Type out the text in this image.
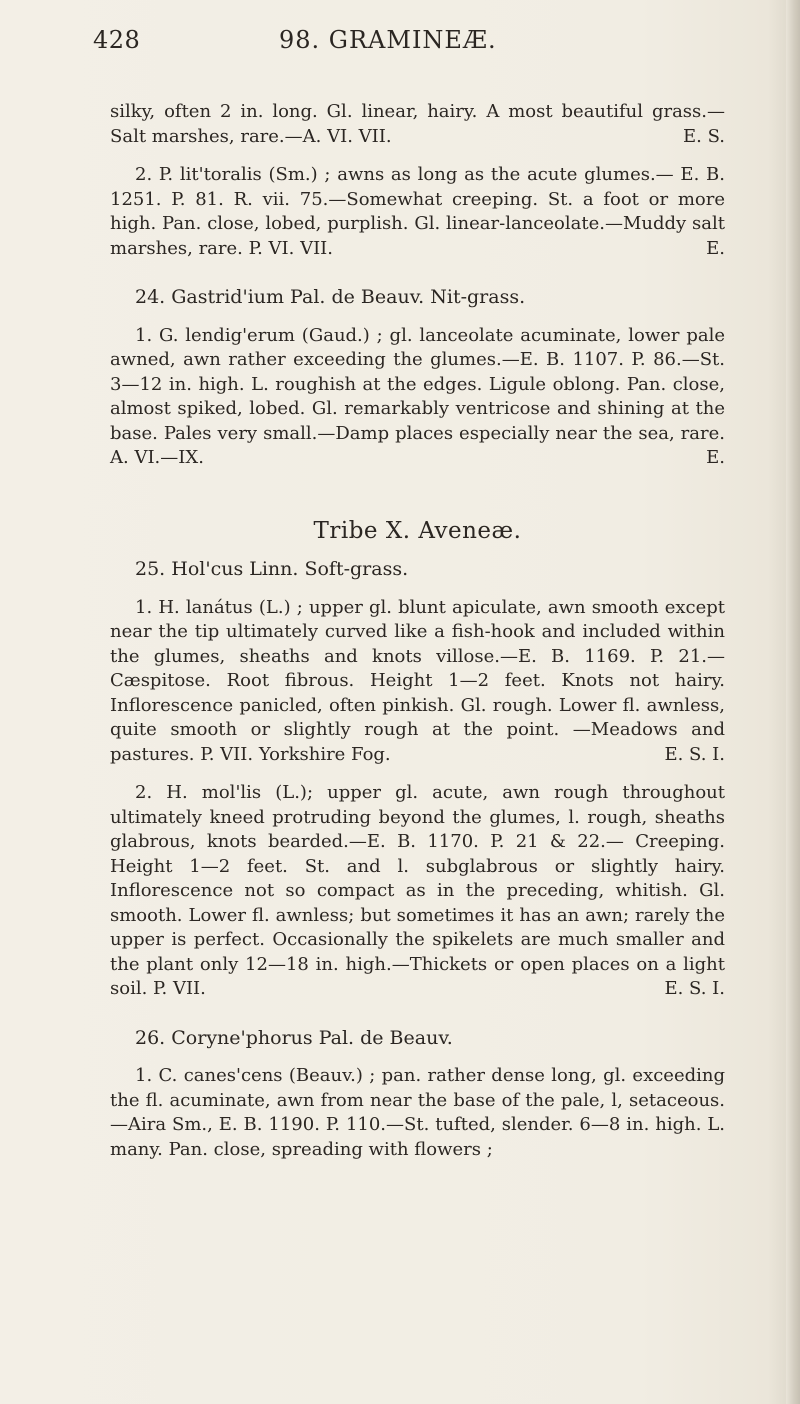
428	98. GRAMINEÆ.

silky, often 2 in. long. Gl. linear, hairy. A most beautiful grass.—Salt marshes, rare.—A. VI. VII.	E. S.

2. P. lit'toralis (Sm.) ; awns as long as the acute glumes.— E. B. 1251. P. 81. R. vii. 75.—Somewhat creeping. St. a foot or more high. Pan. close, lobed, purplish. Gl. linear-lanceolate.—Muddy salt marshes, rare. P. VI. VII.	E.

24. Gastrid'ium Pal. de Beauv. Nit-grass.

1. G. lendig'erum (Gaud.) ; gl. lanceolate acuminate, lower pale awned, awn rather exceeding the glumes.—E. B. 1107. P. 86.—St. 3—12 in. high. L. roughish at the edges. Ligule oblong. Pan. close, almost spiked, lobed. Gl. remarkably ventricose and shining at the base. Pales very small.—Damp places especially near the sea, rare. A. VI.—IX.	E.

Tribe X. Aveneæ.

25. Hol'cus Linn. Soft-grass.

1. H. lanátus (L.) ; upper gl. blunt apiculate, awn smooth except near the tip ultimately curved like a fish-hook and included within the glumes, sheaths and knots villose.—E. B. 1169. P. 21.—Cæspitose. Root fibrous. Height 1—2 feet. Knots not hairy. Inflorescence panicled, often pinkish. Gl. rough. Lower fl. awnless, quite smooth or slightly rough at the point. —Meadows and pastures. P. VII. Yorkshire Fog.	E. S. I.

2. H. mol'lis (L.); upper gl. acute, awn rough throughout ultimately kneed protruding beyond the glumes, l. rough, sheaths glabrous, knots bearded.—E. B. 1170. P. 21 & 22.— Creeping. Height 1—2 feet. St. and l. subglabrous or slightly hairy. Inflorescence not so compact as in the preceding, whitish. Gl. smooth. Lower fl. awnless; but sometimes it has an awn; rarely the upper is perfect. Occasionally the spikelets are much smaller and the plant only 12—18 in. high.—Thickets or open places on a light soil. P. VII.	E. S. I.

26. Coryne'phorus Pal. de Beauv.

1. C. canes'cens (Beauv.) ; pan. rather dense long, gl. exceeding the fl. acuminate, awn from near the base of the pale, l, setaceous.—Aira Sm., E. B. 1190. P. 110.—St. tufted, slender. 6—8 in. high. L. many. Pan. close, spreading with flowers ;
